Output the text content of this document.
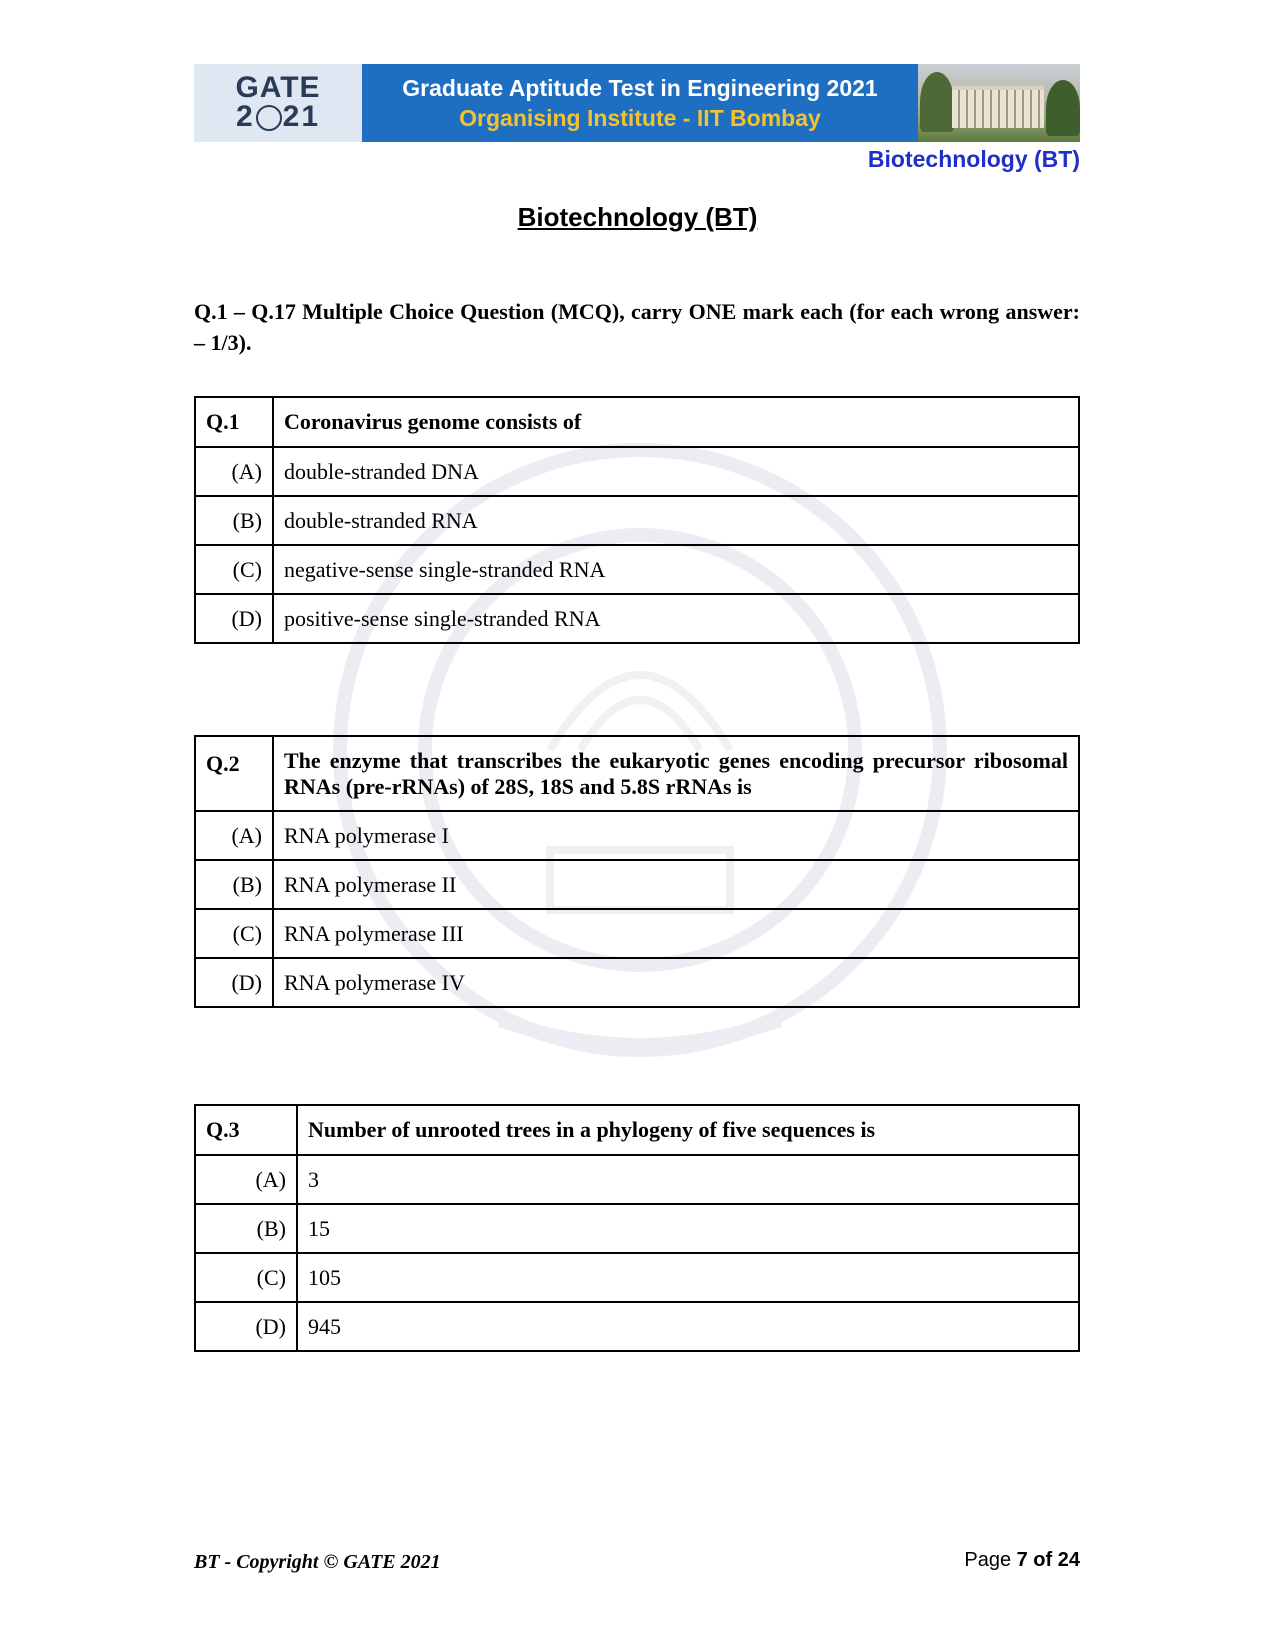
GATE
2 21
Graduate Aptitude Test in Engineering 2021
Organising Institute - IIT Bombay
Biotechnology (BT)
Biotechnology (BT)
Q.1 – Q.17 Multiple Choice Question (MCQ), carry ONE mark each (for each wrong answer: – 1/3).
Q.1	Coronavirus genome consists of
(A)	double-stranded DNA
(B)	double-stranded RNA
(C)	negative-sense single-stranded RNA
(D)	positive-sense single-stranded RNA
Q.2	The enzyme that transcribes the eukaryotic genes encoding precursor ribosomal RNAs (pre-rRNAs) of 28S, 18S and 5.8S rRNAs is
(A)	RNA polymerase I
(B)	RNA polymerase II
(C)	RNA polymerase III
(D)	RNA polymerase IV
Q.3	Number of unrooted trees in a phylogeny of five sequences is
(A)	3
(B)	15
(C)	105
(D)	945
BT - Copyright © GATE 2021	Page 7 of 24
